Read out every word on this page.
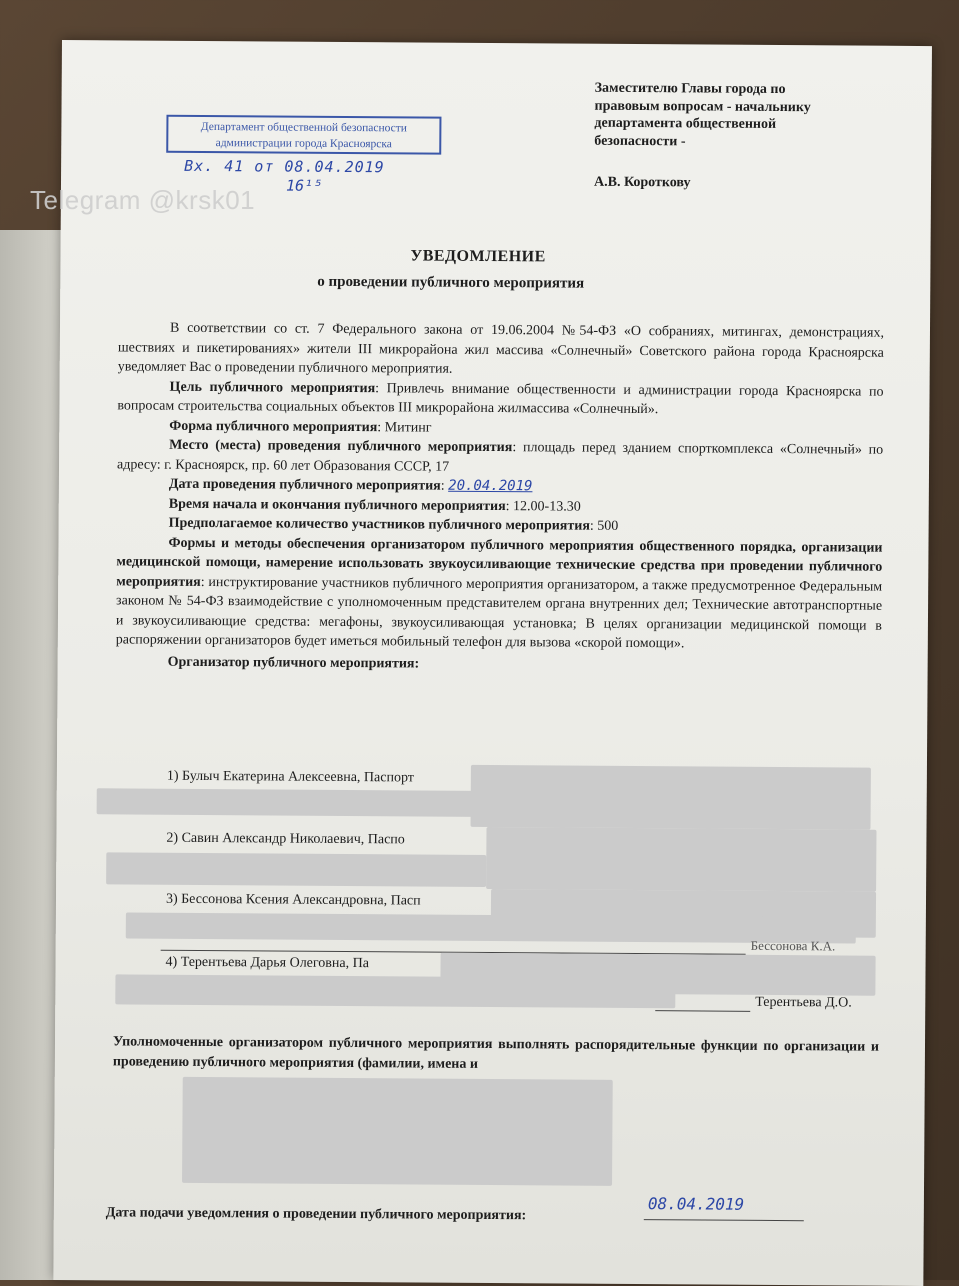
Заместителю Главы города по
правовым вопросам - начальнику
департамента общественной
безопасности -
А.В. Короткову
Департамент общественной безопасности
администрации города Красноярска
Вх. 41 от 08.04.2019
16¹⁵
УВЕДОМЛЕНИЕ
о проведении публичного мероприятия

В соответствии со ст. 7 Федерального закона от 19.06.2004 №54-ФЗ «О собраниях, митингах, демонстрациях, шествиях и пикетированиях» жители III микрорайона жил массива «Солнечный» Советского района города Красноярска уведомляет Вас о проведении публичного мероприятия.

Цель публичного мероприятия: Привлечь внимание общественности и администрации города Красноярска по вопросам строительства социальных объектов III микрорайона жилмассива «Солнечный».

Форма публичного мероприятия: Митинг

Место (места) проведения публичного мероприятия: площадь перед зданием спорткомплекса «Солнечный» по адресу: г. Красноярск, пр. 60 лет Образования СССР, 17

Дата проведения публичного мероприятия: 20.04.2019

Время начала и окончания публичного мероприятия: 12.00-13.30

Предполагаемое количество участников публичного мероприятия: 500

Формы и методы обеспечения организатором публичного мероприятия общественного порядка, организации медицинской помощи, намерение использовать звукоусиливающие технические средства при проведении публичного мероприятия: инструктирование участников публичного мероприятия организатором, а также предусмотренное Федеральным законом № 54-ФЗ взаимодействие с уполномоченным представителем органа внутренних дел; Технические автотранспортные и звукоусиливающие средства: мегафоны, звукоусиливающая установка; В целях организации медицинской помощи в распоряжении организаторов будет иметься мобильный телефон для вызова «скорой помощи».

Организатор публичного мероприятия:

1) Булыч Екатерина Алексеевна, Паспорт
2) Савин Александр Николаевич, Паспо
3) Бессонова Ксения Александровна, Пасп
Бессонова К.А.
4) Терентьева Дарья Олеговна, Па
Терентьева Д.О.
Уполномоченные организатором публичного мероприятия выполнять распорядительные функции по организации и проведению публичного мероприятия (фамилии, имена и
Дата подачи уведомления о проведении публичного мероприятия:
08.04.2019
Telegram @krsk01
